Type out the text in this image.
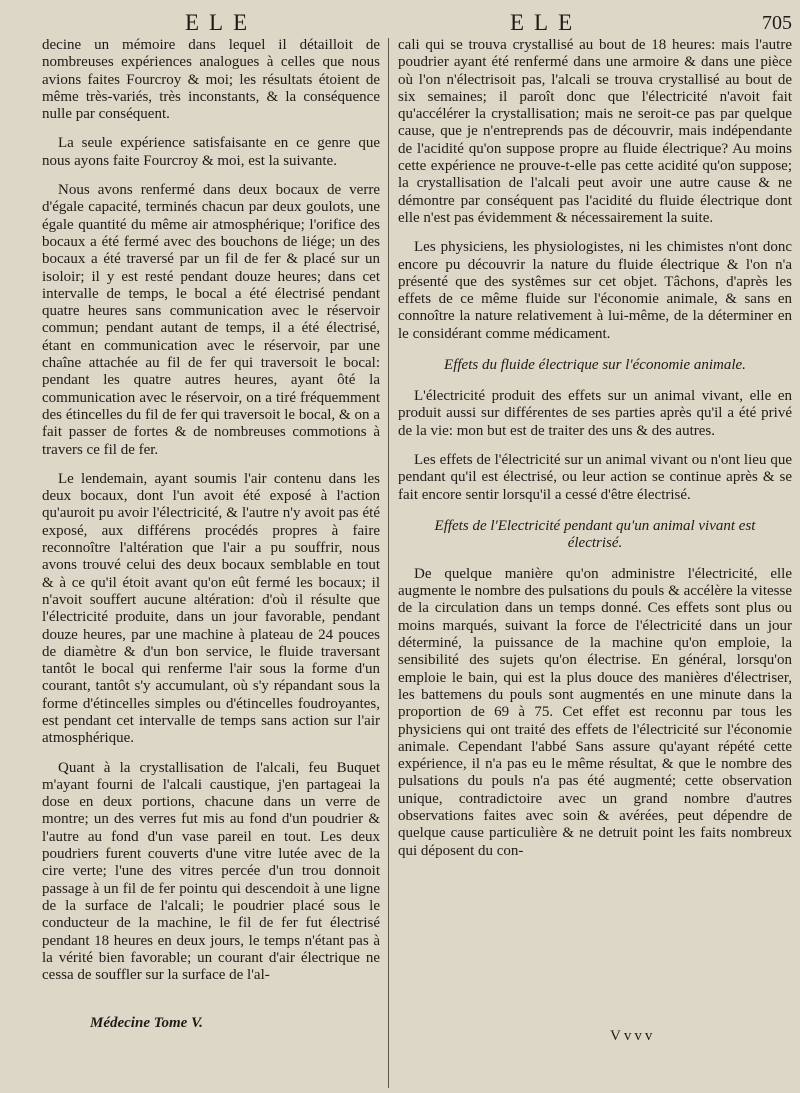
ELE	ELE	705

decine un mémoire dans lequel il détailloit de nombreuses expériences analogues à celles que nous avions faites Fourcroy & moi; les résultats étoient de même très-variés, très inconstants, & la conséquence nulle par conséquent.

La seule expérience satisfaisante en ce genre que nous ayons faite Fourcroy & moi, est la suivante.

Nous avons renfermé dans deux bocaux de verre d'égale capacité, terminés chacun par deux goulots, une égale quantité du même air atmosphérique; l'orifice des bocaux a été fermé avec des bouchons de liége; un des bocaux a été traversé par un fil de fer & placé sur un isoloir; il y est resté pendant douze heures; dans cet intervalle de temps, le bocal a été électrisé pendant quatre heures sans communication avec le réservoir commun; pendant autant de temps, il a été électrisé, étant en communication avec le réservoir, par une chaîne attachée au fil de fer qui traversoit le bocal: pendant les quatre autres heures, ayant ôté la communication avec le réservoir, on a tiré fréquemment des étincelles du fil de fer qui traversoit le bocal, & on a fait passer de fortes & de nombreuses commotions à travers ce fil de fer.

Le lendemain, ayant soumis l'air contenu dans les deux bocaux, dont l'un avoit été exposé à l'action qu'auroit pu avoir l'électricité, & l'autre n'y avoit pas été exposé, aux différens procédés propres à faire reconnoître l'altération que l'air a pu souffrir, nous avons trouvé celui des deux bocaux semblable en tout & à ce qu'il étoit avant qu'on eût fermé les bocaux; il n'avoit souffert aucune altération: d'où il résulte que l'électricité produite, dans un jour favorable, pendant douze heures, par une machine à plateau de 24 pouces de diamètre & d'un bon service, le fluide traversant tantôt le bocal qui renferme l'air sous la forme d'un courant, tantôt s'y accumulant, où s'y répandant sous la forme d'étincelles simples ou d'étincelles foudroyantes, est pendant cet intervalle de temps sans action sur l'air atmosphérique.

Quant à la crystallisation de l'alcali, feu Buquet m'ayant fourni de l'alcali caustique, j'en partageai la dose en deux portions, chacune dans un verre de montre; un des verres fut mis au fond d'un poudrier & l'autre au fond d'un vase pareil en tout. Les deux poudriers furent couverts d'une vitre lutée avec de la cire verte; l'une des vitres percée d'un trou donnoit passage à un fil de fer pointu qui descendoit à une ligne de la surface de l'alcali; le poudrier placé sous le conducteur de la machine, le fil de fer fut électrisé pendant 18 heures en deux jours, le temps n'étant pas à la vérité bien favorable; un courant d'air électrique ne cessa de souffler sur la surface de l'al-

cali qui se trouva crystallisé au bout de 18 heures: mais l'autre poudrier ayant été renfermé dans une armoire & dans une pièce où l'on n'électrisoit pas, l'alcali se trouva crystallisé au bout de six semaines; il paroît donc que l'électricité n'avoit fait qu'accélérer la crystallisation; mais ne seroit-ce pas par quelque cause, que je n'entreprends pas de découvrir, mais indépendante de l'acidité qu'on suppose propre au fluide électrique? Au moins cette expérience ne prouve-t-elle pas cette acidité qu'on suppose; la crystallisation de l'alcali peut avoir une autre cause & ne démontre par conséquent pas l'acidité du fluide électrique dont elle n'est pas évidemment & nécessairement la suite.

Les physiciens, les physiologistes, ni les chimistes n'ont donc encore pu découvrir la nature du fluide électrique & l'on n'a présenté que des systêmes sur cet objet. Tâchons, d'après les effets de ce même fluide sur l'économie animale, & sans en connoître la nature relativement à lui-même, de la déterminer en le considérant comme médicament.

Effets du fluide électrique sur l'économie animale.

L'électricité produit des effets sur un animal vivant, elle en produit aussi sur différentes de ses parties après qu'il a été privé de la vie: mon but est de traiter des uns & des autres.

Les effets de l'électricité sur un animal vivant ou n'ont lieu que pendant qu'il est électrisé, ou leur action se continue après & se fait encore sentir lorsqu'il a cessé d'être électrisé.

Effets de l'Electricité pendant qu'un animal vivant est électrisé.

De quelque manière qu'on administre l'électricité, elle augmente le nombre des pulsations du pouls & accélère la vitesse de la circulation dans un temps donné. Ces effets sont plus ou moins marqués, suivant la force de l'électricité dans un jour déterminé, la puissance de la machine qu'on emploie, la sensibilité des sujets qu'on électrise. En général, lorsqu'on emploie le bain, qui est la plus douce des manières d'électriser, les battemens du pouls sont augmentés en une minute dans la proportion de 69 à 75. Cet effet est reconnu par tous les physiciens qui ont traité des effets de l'électricité sur l'économie animale. Cependant l'abbé Sans assure qu'ayant répété cette expérience, il n'a pas eu le même résultat, & que le nombre des pulsations du pouls n'a pas été augmenté; cette observation unique, contradictoire avec un grand nombre d'autres observations faites avec soin & avérées, peut dépendre de quelque cause particulière & ne detruit point les faits nombreux qui déposent du con-

Médecine Tome V.
Vvvv
